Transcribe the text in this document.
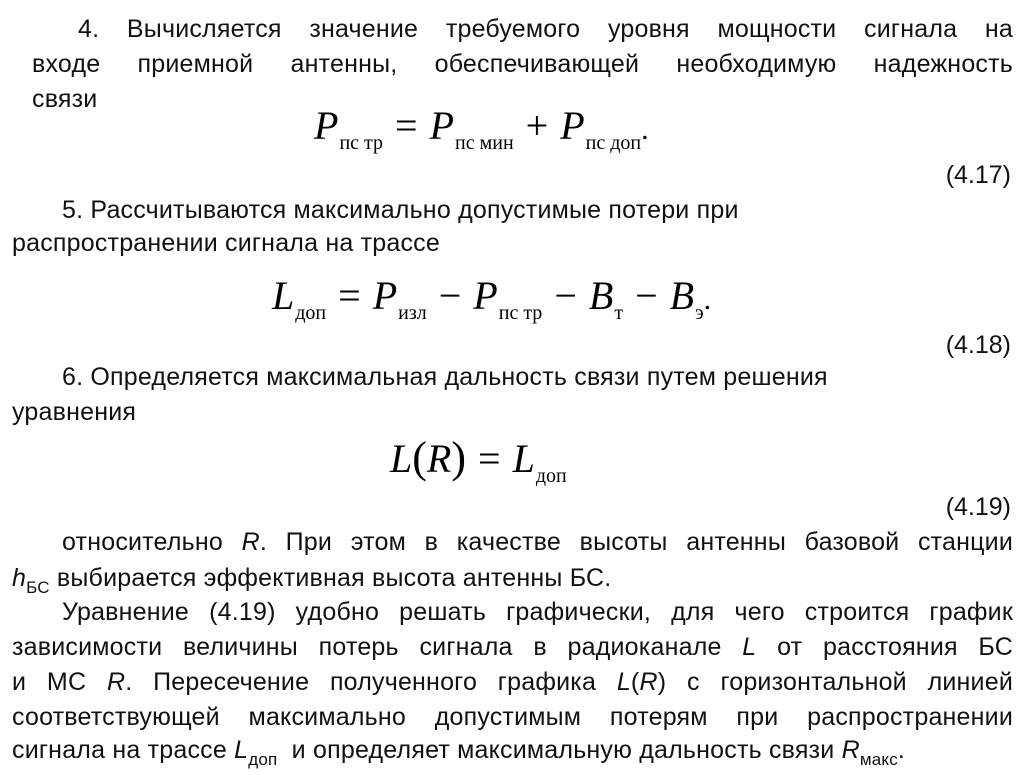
4. Вычисляется значение требуемого уровня мощности сигнала на
входе приемной антенны, обеспечивающей необходимую надежность
связи
$P_{пс тр} = P_{пс мин} + P_{пс доп}$.
(4.17)
5. Рассчитываются максимально допустимые потери при
распространении сигнала на трассе
$L_{доп} = P_{изл} - P_{пс тр} - B_т - B_э$.
(4.18)
6. Определяется максимальная дальность связи путем решения
уравнения
$L(R) = L_{доп}$
(4.19)
относительно R. При этом в качестве высоты антенны базовой станции
$h_{БС}$ выбирается эффективная высота антенны БС.
Уравнение (4.19) удобно решать графически, для чего строится график
зависимости величины потерь сигнала в радиоканале L от расстояния БС
и МС R. Пересечение полученного графика L(R) с горизонтальной линией
соответствующей максимально допустимым потерям при распространении
сигнала на трассе $L_{доп}$  и определяет максимальную дальность связи $R_{макс}$.
